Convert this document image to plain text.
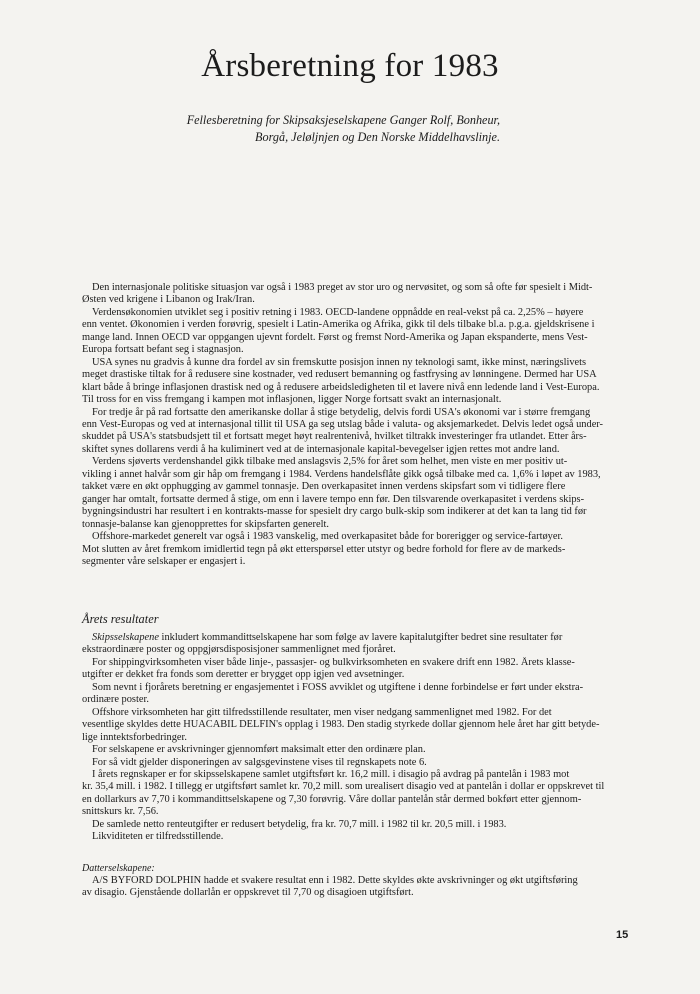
Årsberetning for 1983
Fellesberetning for Skipsaksjeselskapene Ganger Rolf, Bonheur,
Borgå, Jeløljnjen og Den Norske Middelhavslinje.

Den internasjonale politiske situasjon var også i 1983 preget av stor uro og nervøsitet, og som så ofte før spesielt i Midt-
Østen ved krigene i Libanon og Irak/Iran.

Verdensøkonomien utviklet seg i positiv retning i 1983. OECD-landene oppnådde en real-vekst på ca. 2,25% – høyere
enn ventet. Økonomien i verden forøvrig, spesielt i Latin-Amerika og Afrika, gikk til dels tilbake bl.a. p.g.a. gjeldskrisene i
mange land. Innen OECD var oppgangen ujevnt fordelt. Først og fremst Nord-Amerika og Japan ekspanderte, mens Vest-
Europa fortsatt befant seg i stagnasjon.

USA synes nu gradvis å kunne dra fordel av sin fremskutte posisjon innen ny teknologi samt, ikke minst, næringslivets
meget drastiske tiltak for å redusere sine kostnader, ved redusert bemanning og fastfrysing av lønningene. Dermed har USA
klart både å bringe inflasjonen drastisk ned og å redusere arbeidsledigheten til et lavere nivå enn ledende land i Vest-Europa.
Til tross for en viss fremgang i kampen mot inflasjonen, ligger Norge fortsatt svakt an internasjonalt.

For tredje år på rad fortsatte den amerikanske dollar å stige betydelig, delvis fordi USA's økonomi var i større fremgang
enn Vest-Europas og ved at internasjonal tillit til USA ga seg utslag både i valuta- og aksjemarkedet. Delvis ledet også under-
skuddet på USA's statsbudsjett til et fortsatt meget høyt realrentenivå, hvilket tiltrakk investeringer fra utlandet. Etter års-
skiftet synes dollarens verdi å ha kuliminert ved at de internasjonale kapital-bevegelser igjen rettes mot andre land.

Verdens sjøverts verdenshandel gikk tilbake med anslagsvis 2,5% for året som helhet, men viste en mer positiv ut-
vikling i annet halvår som gir håp om fremgang i 1984. Verdens handelsflåte gikk også tilbake med ca. 1,6% i løpet av 1983,
takket være en økt opphugging av gammel tonnasje. Den overkapasitet innen verdens skipsfart som vi tidligere flere
ganger har omtalt, fortsatte dermed å stige, om enn i lavere tempo enn før. Den tilsvarende overkapasitet i verdens skips-
bygningsindustri har resultert i en kontrakts-masse for spesielt dry cargo bulk-skip som indikerer at det kan ta lang tid før
tonnasje-balanse kan gjenopprettes for skipsfarten generelt.

Offshore-markedet generelt var også i 1983 vanskelig, med overkapasitet både for borerigger og service-fartøyer.
Mot slutten av året fremkom imidlertid tegn på økt etterspørsel etter utstyr og bedre forhold for flere av de markeds-
segmenter våre selskaper er engasjert i.

Årets resultater

Skipsselskapene inkludert kommandittselskapene har som følge av lavere kapitalutgifter bedret sine resultater før
ekstraordinære poster og oppgjørsdisposisjoner sammenlignet med fjoråret.

For shippingvirksomheten viser både linje-, passasjer- og bulkvirksomheten en svakere drift enn 1982. Årets klasse-
utgifter er dekket fra fonds som deretter er brygget opp igjen ved avsetninger.

Som nevnt i fjorårets beretning er engasjementet i FOSS avviklet og utgiftene i denne forbindelse er ført under ekstra-
ordinære poster.

Offshore virksomheten har gitt tilfredsstillende resultater, men viser nedgang sammenlignet med 1982. For det
vesentlige skyldes dette HUACABIL DELFIN's opplag i 1983. Den stadig styrkede dollar gjennom hele året har gitt betyde-
lige inntektsforbedringer.

For selskapene er avskrivninger gjennomført maksimalt etter den ordinære plan.

For så vidt gjelder disponeringen av salgsgevinstene vises til regnskapets note 6.

I årets regnskaper er for skipsselskapene samlet utgiftsført kr. 16,2 mill. i disagio på avdrag på pantelån i 1983 mot
kr. 35,4 mill. i 1982. I tillegg er utgiftsført samlet kr. 70,2 mill. som urealisert disagio ved at pantelån i dollar er oppskrevet til
en dollarkurs av 7,70 i kommandittselskapene og 7,30 forøvrig. Våre dollar pantelån står dermed bokført etter gjennom-
snittskurs kr. 7,56.

De samlede netto renteutgifter er redusert betydelig, fra kr. 70,7 mill. i 1982 til kr. 20,5 mill. i 1983.

Likviditeten er tilfredsstillende.

Datterselskapene:

A/S BYFORD DOLPHIN hadde et svakere resultat enn i 1982. Dette skyldes økte avskrivninger og økt utgiftsføring
av disagio. Gjenstående dollarlån er oppskrevet til 7,70 og disagioen utgiftsført.

15
